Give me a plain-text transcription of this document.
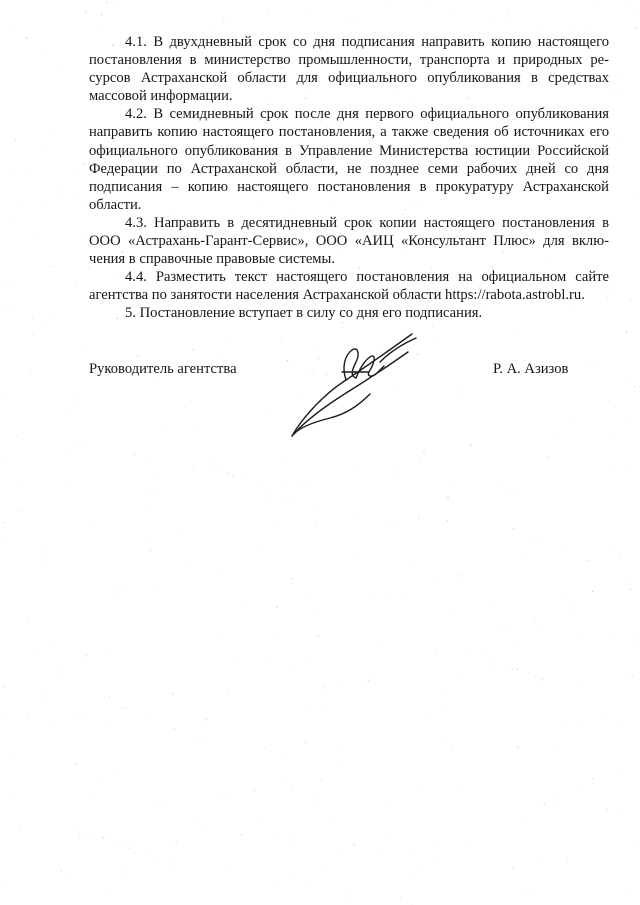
4.1. В двухдневный срок со дня подписания направить копию настоящего постановления в министерство промышленности, транспорта и природных ресурсов Астраханской области для официального опубликования в средствах массовой информации.

4.2. В семидневный срок после дня первого официального опубликования направить копию настоящего постановления, а также сведения об источниках его официального опубликования в Управление Министерства юстиции Российской Федерации по Астраханской области, не позднее семи рабочих дней со дня подписания – копию настоящего постановления в прокуратуру Астраханской области.

4.3. Направить в десятидневный срок копии настоящего постановления в ООО «Астрахань-Гарант-Сервис», ООО «АИЦ «Консультант Плюс» для включения в справочные правовые системы.

4.4. Разместить текст настоящего постановления на официальном сайте агентства по занятости населения Астраханской области https://rabota.astrobl.ru.

5. Постановление вступает в силу со дня его подписания.

Руководитель агентства	Р. А. Азизов
